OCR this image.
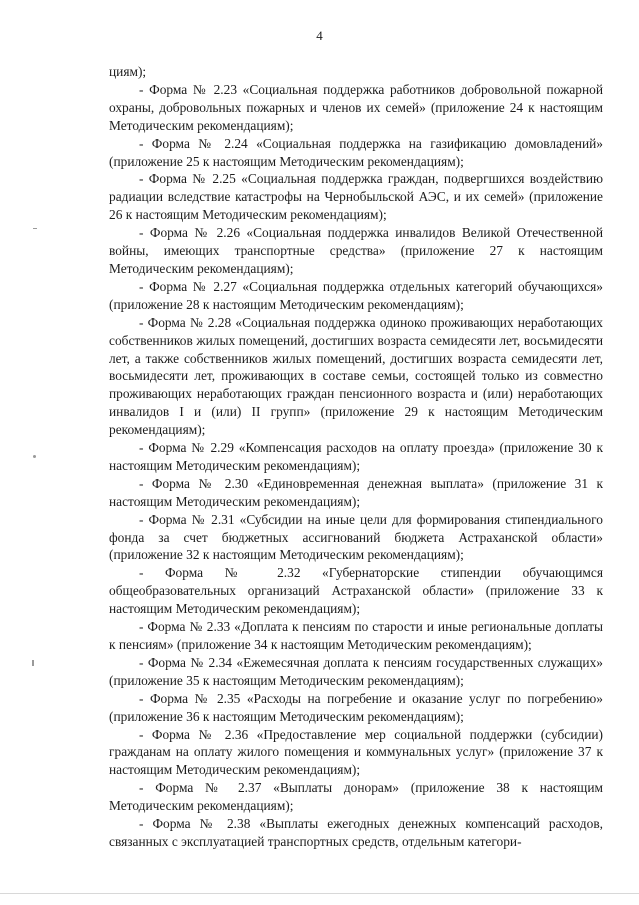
4

циям);

- Форма № 2.23 «Социальная поддержка работников добровольной пожарной охраны, добровольных пожарных и членов их семей» (приложение 24 к настоящим Методическим рекомендациям);

- Форма № 2.24 «Социальная поддержка на газификацию домовладений» (приложение 25 к настоящим Методическим рекомендациям);

- Форма № 2.25 «Социальная поддержка граждан, подвергшихся воздействию радиации вследствие катастрофы на Чернобыльской АЭС, и их семей» (приложение 26 к настоящим Методическим рекомендациям);

- Форма № 2.26 «Социальная поддержка инвалидов Великой Отечественной войны, имеющих транспортные средства» (приложение 27 к настоящим Методическим рекомендациям);

- Форма № 2.27 «Социальная поддержка отдельных категорий обучающихся» (приложение 28 к настоящим Методическим рекомендациям);

- Форма № 2.28 «Социальная поддержка одиноко проживающих неработающих собственников жилых помещений, достигших возраста семидесяти лет, восьмидесяти лет, а также собственников жилых помещений, достигших возраста семидесяти лет, восьмидесяти лет, проживающих в составе семьи, состоящей только из совместно проживающих неработающих граждан пенсионного возраста и (или) неработающих инвалидов I и (или) II групп» (приложение 29 к настоящим Методическим рекомендациям);

- Форма № 2.29 «Компенсация расходов на оплату проезда» (приложение 30 к настоящим Методическим рекомендациям);

- Форма № 2.30 «Единовременная денежная выплата» (приложение 31 к настоящим Методическим рекомендациям);

- Форма № 2.31 «Субсидии на иные цели для формирования стипендиального фонда за счет бюджетных ассигнований бюджета Астраханской области» (приложение 32 к настоящим Методическим рекомендациям);

- Форма № 2.32 «Губернаторские стипендии обучающимся общеобразовательных организаций Астраханской области» (приложение 33 к настоящим Методическим рекомендациям);

- Форма № 2.33 «Доплата к пенсиям по старости и иные региональные доплаты к пенсиям» (приложение 34 к настоящим Методическим рекомендациям);

- Форма № 2.34 «Ежемесячная доплата к пенсиям государственных служащих» (приложение 35 к настоящим Методическим рекомендациям);

- Форма № 2.35 «Расходы на погребение и оказание услуг по погребению» (приложение 36 к настоящим Методическим рекомендациям);

- Форма № 2.36 «Предоставление мер социальной поддержки (субсидии) гражданам на оплату жилого помещения и коммунальных услуг» (приложение 37 к настоящим Методическим рекомендациям);

- Форма № 2.37 «Выплаты донорам» (приложение 38 к настоящим Методическим рекомендациям);

- Форма № 2.38 «Выплаты ежегодных денежных компенсаций расходов, связанных с эксплуатацией транспортных средств, отдельным категори-
